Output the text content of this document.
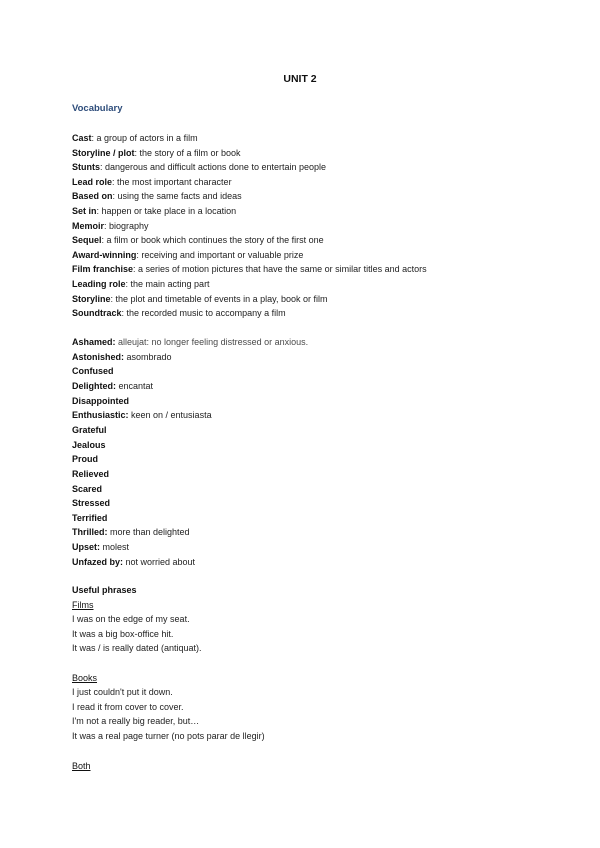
UNIT 2
Vocabulary
Cast: a group of actors in a film
Storyline / plot: the story of a film or book
Stunts: dangerous and difficult actions done to entertain people
Lead role: the most important character
Based on: using the same facts and ideas
Set in: happen or take place in a location
Memoir: biography
Sequel: a film or book which continues the story of the first one
Award-winning: receiving and important or valuable prize
Film franchise: a series of motion pictures that have the same or similar titles and actors
Leading role: the main acting part
Storyline: the plot and timetable of events in a play, book or film
Soundtrack: the recorded music to accompany a film
Ashamed: alleujat: no longer feeling distressed or anxious.
Astonished: asombrado
Confused
Delighted: encantat
Disappointed
Enthusiastic: keen on / entusiasta
Grateful
Jealous
Proud
Relieved
Scared
Stressed
Terrified
Thrilled: more than delighted
Upset: molest
Unfazed by: not worried about
Useful phrases
Films
I was on the edge of my seat.
It was a big box-office hit.
It was / is really dated (antiquat).
Books
I just couldn't put it down.
I read it from cover to cover.
I'm not a really big reader, but…
It was a real page turner (no pots parar de llegir)
Both
